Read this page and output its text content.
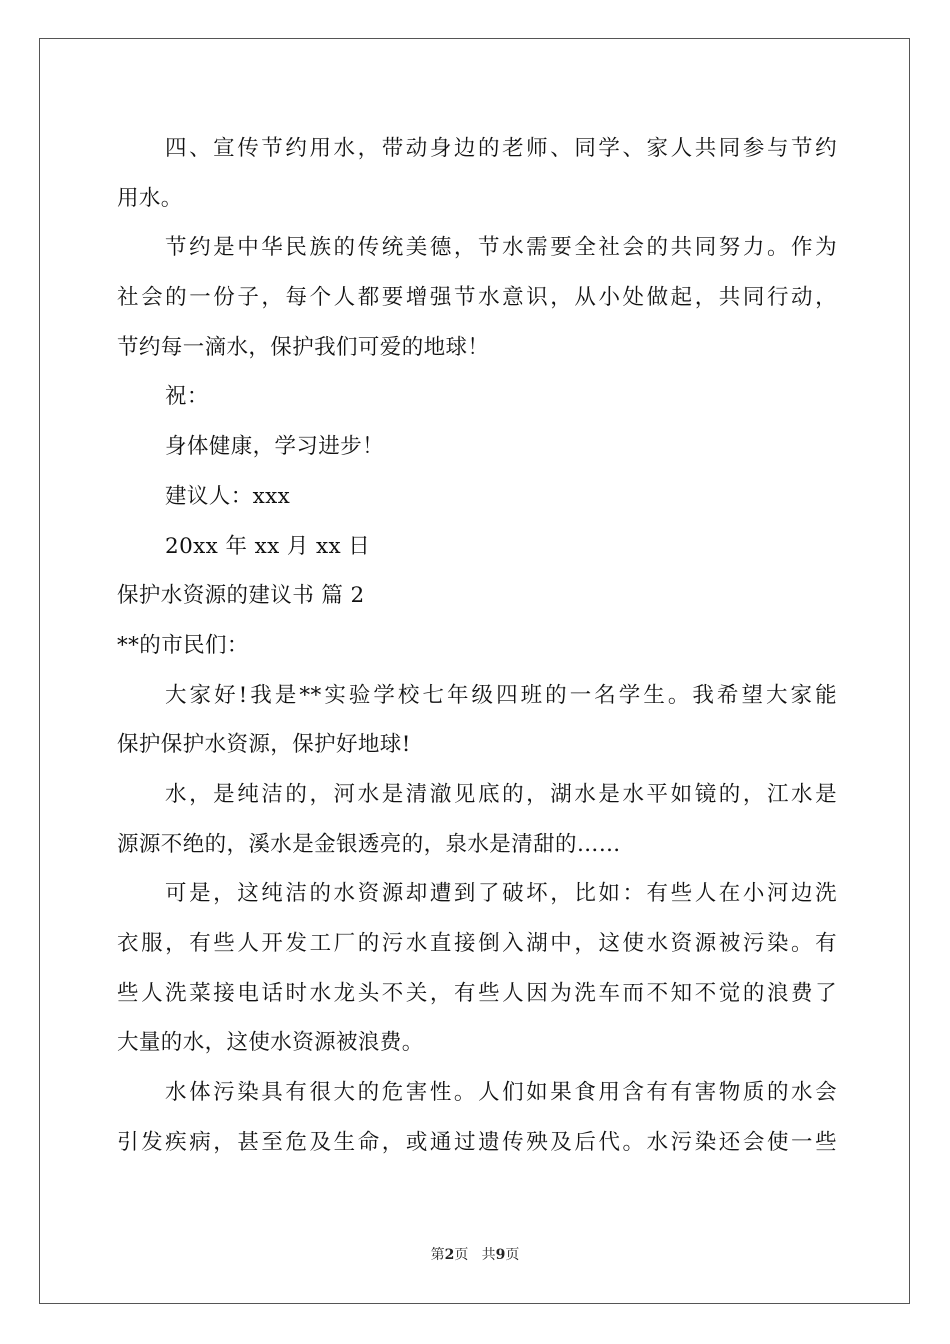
四、宣传节约用水，带动身边的老师、同学、家人共同参与节约
用水。
节约是中华民族的传统美德，节水需要全社会的共同努力。作为
社会的一份子，每个人都要增强节水意识，从小处做起，共同行动，
节约每一滴水，保护我们可爱的地球！
祝：
身体健康，学习进步！
建议人：xxx
20xx 年 xx 月 xx 日
保护水资源的建议书 篇 2
**的市民们：
大家好!我是**实验学校七年级四班的一名学生。我希望大家能
保护保护水资源，保护好地球!
水，是纯洁的，河水是清澈见底的，湖水是水平如镜的，江水是
源源不绝的，溪水是金银透亮的，泉水是清甜的……
可是，这纯洁的水资源却遭到了破坏，比如：有些人在小河边洗
衣服，有些人开发工厂的污水直接倒入湖中，这使水资源被污染。有
些人洗菜接电话时水龙头不关，有些人因为洗车而不知不觉的浪费了
大量的水，这使水资源被浪费。
水体污染具有很大的危害性。人们如果食用含有有害物质的水会
引发疾病，甚至危及生命，或通过遗传殃及后代。水污染还会使一些
第2页 共9页
